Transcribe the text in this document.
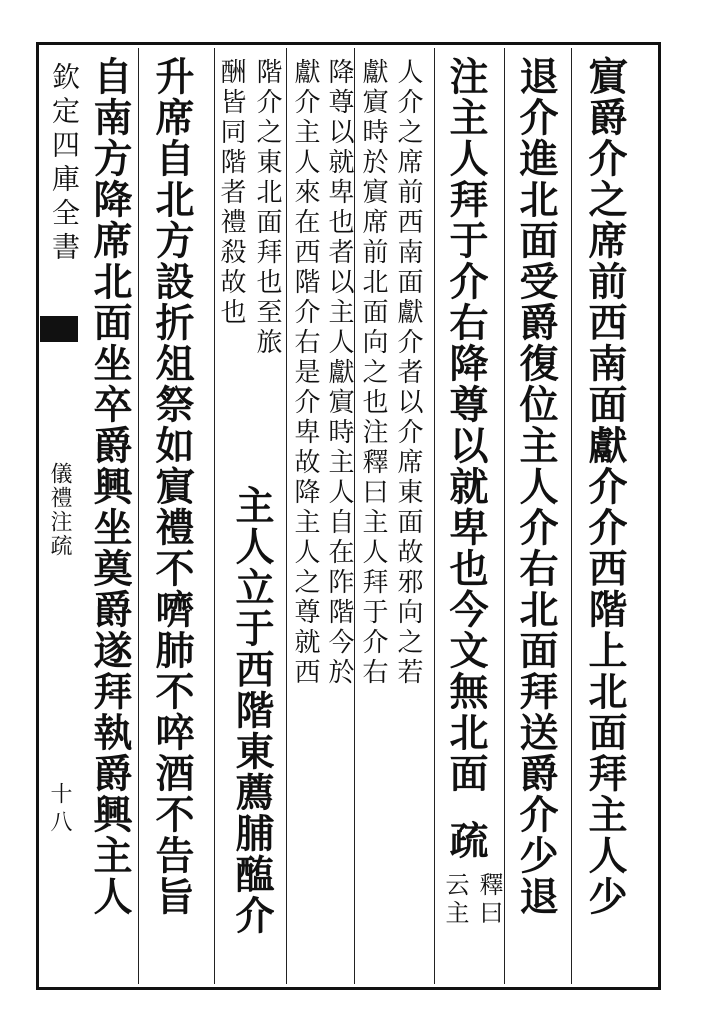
欽定四庫全書
儀禮注疏
十八	賔爵介之席前西南面獻介介西階上北面拜主人少
退介進北面受爵復位主人介右北面拜送爵介少退
注主人拜于介右降尊以就卑也今文無北面
疏
釋曰
云主
人介之席前西南面獻介者以介席東面故邪向之若
獻賔時於賔席前北面向之也注釋曰主人拜于介右
降尊以就卑也者以主人獻賔時主人自在阼階今於
獻介主人來在西階介右是介卑故降主人之尊就西
階介之東北面拜也至旅
酬皆同階者禮殺故也
主人立于西階東薦脯醢介
升席自北方設折俎祭如賔禮不嚌肺不啐酒不告旨
自南方降席北面坐卒爵興坐奠爵遂拜執爵興主人
